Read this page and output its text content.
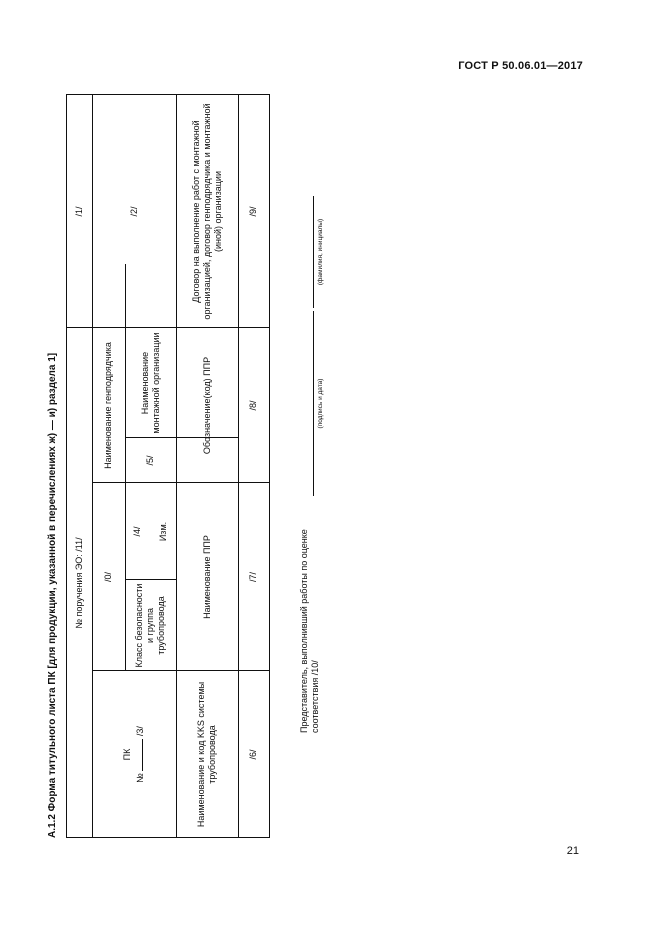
ГОСТ Р 50.06.01—2017
А.1.2 Форма титульного листа ПК [для продукции, указанной в перечислениях ж) — и) раздела 1]	№ поручения ЭО: /11/
/1/
/0/
Наименование генподрядчика
/2/
ПК
№  /3/
Класс безопасности и группа трубопровода
/4/	Изм.
/5/
Наименование монтажной организации
Наименование и код KKS системы трубопровода
Наименование ППР
Обозначение(код) ППР
Договор на выполнение работ с монтажной организацией, договор генподрядчика и монтажной (иной) организации
/6/
/7/
/8/
/9/
Представитель, выполнивший работы по оценке соответствия /10/
(подпись и дата)
(фамилия, инициалы)
21
